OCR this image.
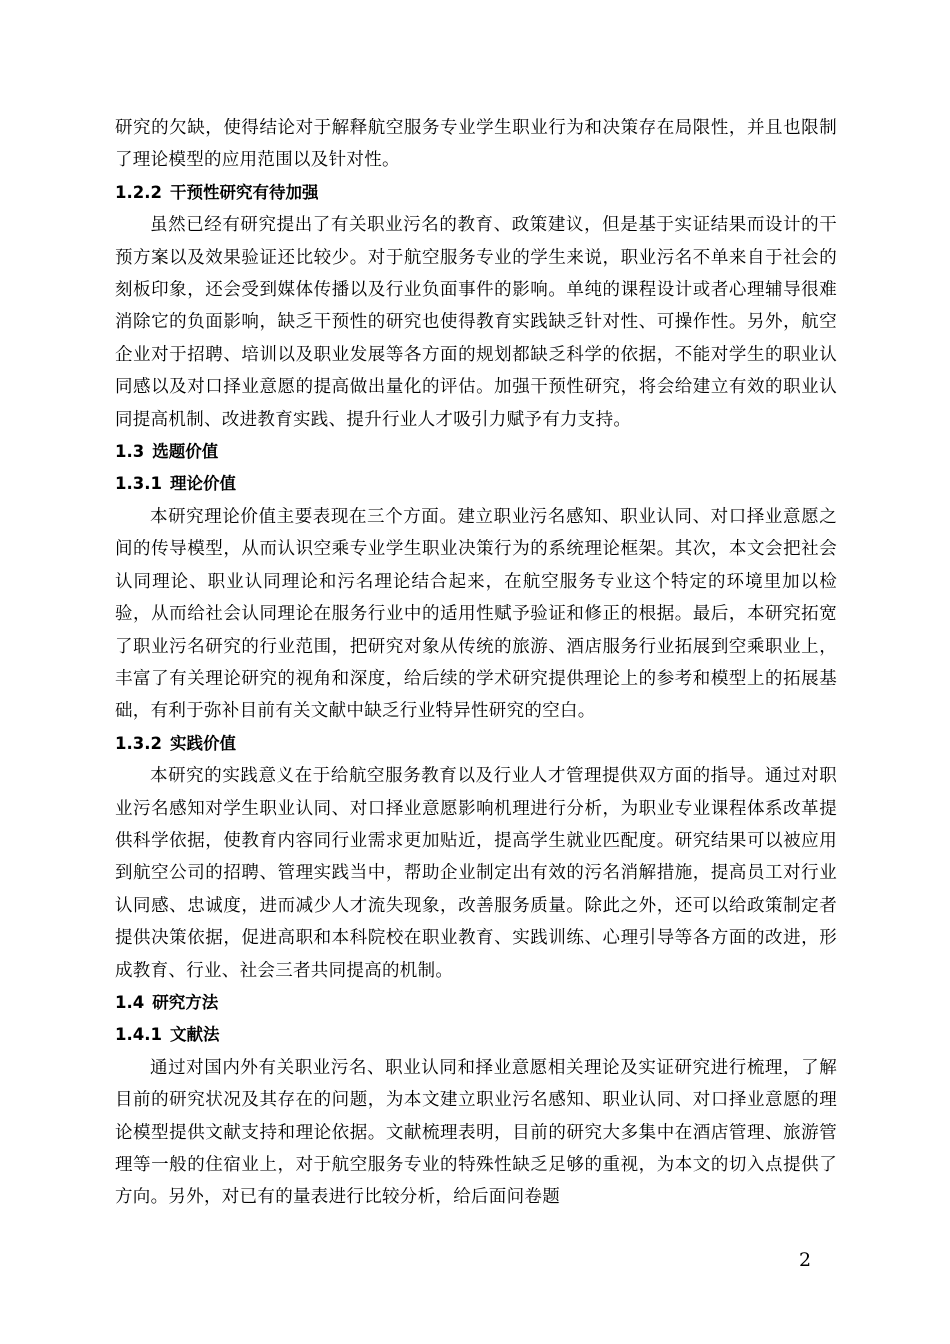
研究的欠缺，使得结论对于解释航空服务专业学生职业行为和决策存在局限性，并且也限制了理论模型的应用范围以及针对性。

1.2.2 干预性研究有待加强

虽然已经有研究提出了有关职业污名的教育、政策建议，但是基于实证结果而设计的干预方案以及效果验证还比较少。对于航空服务专业的学生来说，职业污名不单来自于社会的刻板印象，还会受到媒体传播以及行业负面事件的影响。单纯的课程设计或者心理辅导很难消除它的负面影响，缺乏干预性的研究也使得教育实践缺乏针对性、可操作性。另外，航空企业对于招聘、培训以及职业发展等各方面的规划都缺乏科学的依据，不能对学生的职业认同感以及对口择业意愿的提高做出量化的评估。加强干预性研究，将会给建立有效的职业认同提高机制、改进教育实践、提升行业人才吸引力赋予有力支持。

1.3 选题价值
1.3.1 理论价值

本研究理论价值主要表现在三个方面。建立职业污名感知、职业认同、对口择业意愿之间的传导模型，从而认识空乘专业学生职业决策行为的系统理论框架。其次，本文会把社会认同理论、职业认同理论和污名理论结合起来，在航空服务专业这个特定的环境里加以检验，从而给社会认同理论在服务行业中的适用性赋予验证和修正的根据。最后，本研究拓宽了职业污名研究的行业范围，把研究对象从传统的旅游、酒店服务行业拓展到空乘职业上，丰富了有关理论研究的视角和深度，给后续的学术研究提供理论上的参考和模型上的拓展基础，有利于弥补目前有关文献中缺乏行业特异性研究的空白。

1.3.2 实践价值

本研究的实践意义在于给航空服务教育以及行业人才管理提供双方面的指导。通过对职业污名感知对学生职业认同、对口择业意愿影响机理进行分析，为职业专业课程体系改革提供科学依据，使教育内容同行业需求更加贴近，提高学生就业匹配度。研究结果可以被应用到航空公司的招聘、管理实践当中，帮助企业制定出有效的污名消解措施，提高员工对行业认同感、忠诚度，进而减少人才流失现象，改善服务质量。除此之外，还可以给政策制定者提供决策依据，促进高职和本科院校在职业教育、实践训练、心理引导等各方面的改进，形成教育、行业、社会三者共同提高的机制。

1.4 研究方法
1.4.1 文献法

通过对国内外有关职业污名、职业认同和择业意愿相关理论及实证研究进行梳理，了解目前的研究状况及其存在的问题，为本文建立职业污名感知、职业认同、对口择业意愿的理论模型提供文献支持和理论依据。文献梳理表明，目前的研究大多集中在酒店管理、旅游管理等一般的住宿业上，对于航空服务专业的特殊性缺乏足够的重视，为本文的切入点提供了方向。另外，对已有的量表进行比较分析，给后面问卷题

2
